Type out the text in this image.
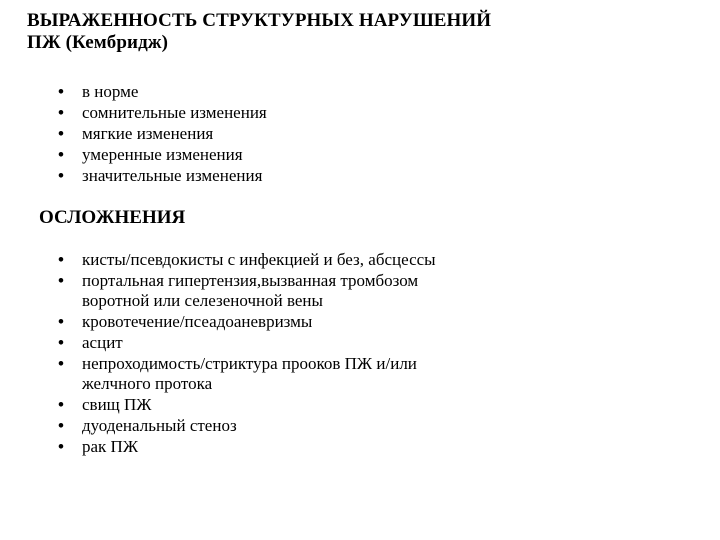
ВЫРАЖЕННОСТЬ СТРУКТУРНЫХ НАРУШЕНИЙ
ПЖ (Кембридж)
•	в норме
•	сомнительные изменения
•	мягкие изменения
•	умеренные изменения
•	значительные изменения
ОСЛОЖНЕНИЯ
•	кисты/псевдокисты с инфекцией и без, абсцессы
•	портальная гипертензия,вызванная тромбозом
воротной или селезеночной вены
•	кровотечение/псеадоаневризмы
•	асцит
•	непроходимость/стриктура прооков ПЖ и/или
желчного протока
•	свищ ПЖ
•	дуоденальный стеноз
•	рак ПЖ
